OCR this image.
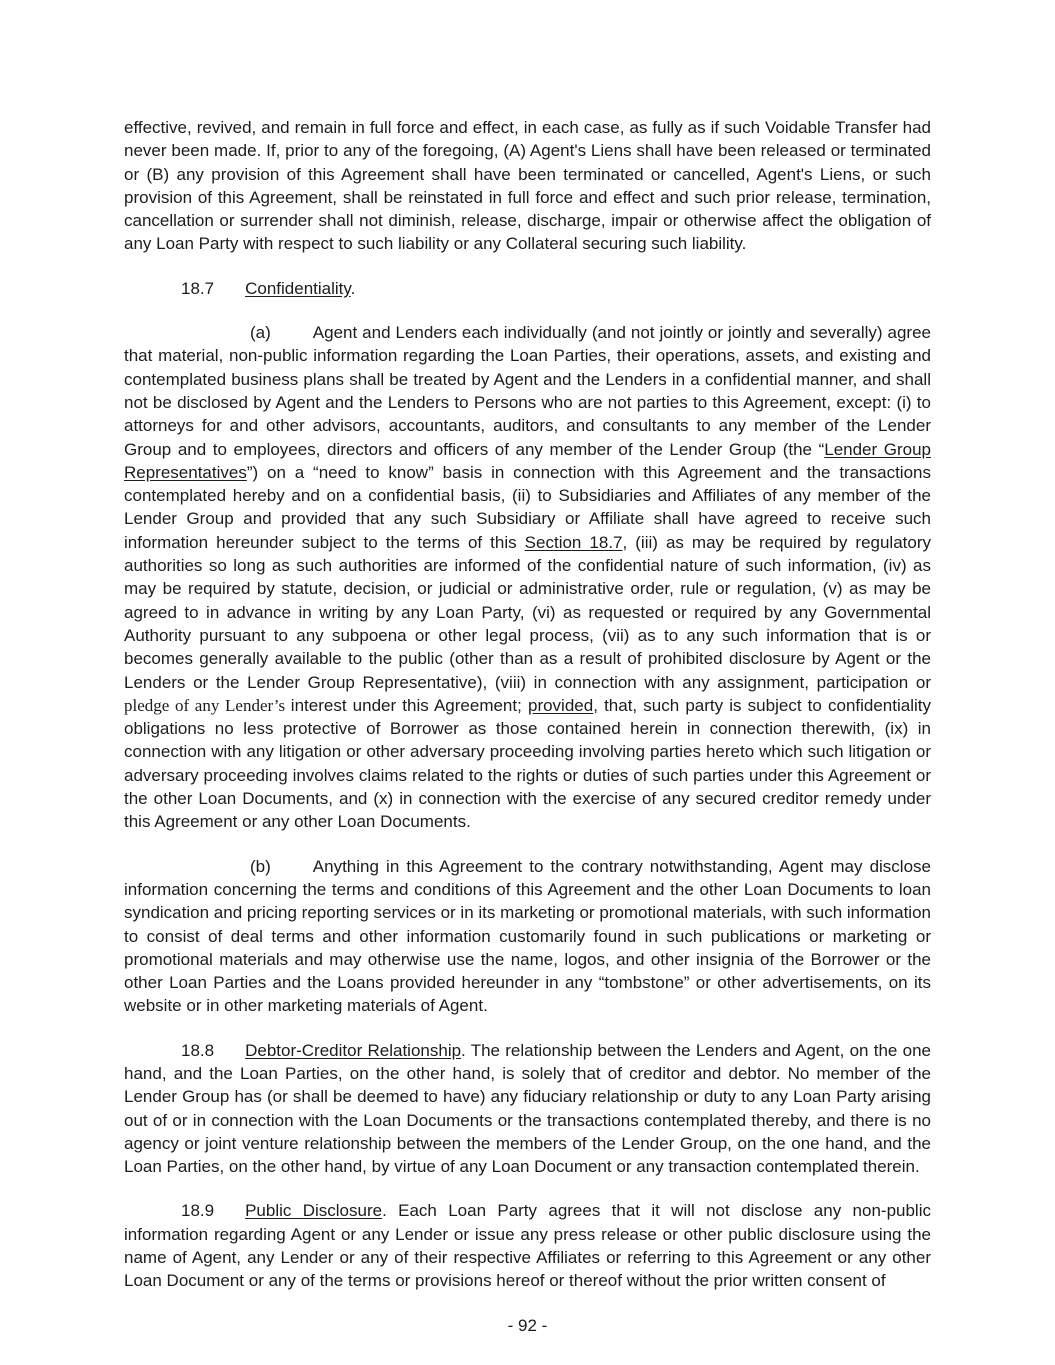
effective, revived, and remain in full force and effect, in each case, as fully as if such Voidable Transfer had never been made. If, prior to any of the foregoing, (A) Agent's Liens shall have been released or terminated or (B) any provision of this Agreement shall have been terminated or cancelled, Agent's Liens, or such provision of this Agreement, shall be reinstated in full force and effect and such prior release, termination, cancellation or surrender shall not diminish, release, discharge, impair or otherwise affect the obligation of any Loan Party with respect to such liability or any Collateral securing such liability.

18.7 Confidentiality.

(a) Agent and Lenders each individually (and not jointly or jointly and severally) agree that material, non-public information regarding the Loan Parties, their operations, assets, and existing and contemplated business plans shall be treated by Agent and the Lenders in a confidential manner, and shall not be disclosed by Agent and the Lenders to Persons who are not parties to this Agreement, except: (i) to attorneys for and other advisors, accountants, auditors, and consultants to any member of the Lender Group and to employees, directors and officers of any member of the Lender Group (the “Lender Group Representatives”) on a “need to know” basis in connection with this Agreement and the transactions contemplated hereby and on a confidential basis, (ii) to Subsidiaries and Affiliates of any member of the Lender Group and provided that any such Subsidiary or Affiliate shall have agreed to receive such information hereunder subject to the terms of this Section 18.7, (iii) as may be required by regulatory authorities so long as such authorities are informed of the confidential nature of such information, (iv) as may be required by statute, decision, or judicial or administrative order, rule or regulation, (v) as may be agreed to in advance in writing by any Loan Party, (vi) as requested or required by any Governmental Authority pursuant to any subpoena or other legal process, (vii) as to any such information that is or becomes generally available to the public (other than as a result of prohibited disclosure by Agent or the Lenders or the Lender Group Representative), (viii) in connection with any assignment, participation or pledge of any Lender’s interest under this Agreement; provided, that, such party is subject to confidentiality obligations no less protective of Borrower as those contained herein in connection therewith, (ix) in connection with any litigation or other adversary proceeding involving parties hereto which such litigation or adversary proceeding involves claims related to the rights or duties of such parties under this Agreement or the other Loan Documents, and (x) in connection with the exercise of any secured creditor remedy under this Agreement or any other Loan Documents.

(b) Anything in this Agreement to the contrary notwithstanding, Agent may disclose information concerning the terms and conditions of this Agreement and the other Loan Documents to loan syndication and pricing reporting services or in its marketing or promotional materials, with such information to consist of deal terms and other information customarily found in such publications or marketing or promotional materials and may otherwise use the name, logos, and other insignia of the Borrower or the other Loan Parties and the Loans provided hereunder in any “tombstone” or other advertisements, on its website or in other marketing materials of Agent.

18.8 Debtor-Creditor Relationship. The relationship between the Lenders and Agent, on the one hand, and the Loan Parties, on the other hand, is solely that of creditor and debtor. No member of the Lender Group has (or shall be deemed to have) any fiduciary relationship or duty to any Loan Party arising out of or in connection with the Loan Documents or the transactions contemplated thereby, and there is no agency or joint venture relationship between the members of the Lender Group, on the one hand, and the Loan Parties, on the other hand, by virtue of any Loan Document or any transaction contemplated therein.

18.9 Public Disclosure. Each Loan Party agrees that it will not disclose any non-public information regarding Agent or any Lender or issue any press release or other public disclosure using the name of Agent, any Lender or any of their respective Affiliates or referring to this Agreement or any other Loan Document or any of the terms or provisions hereof or thereof without the prior written consent of

- 92 -
